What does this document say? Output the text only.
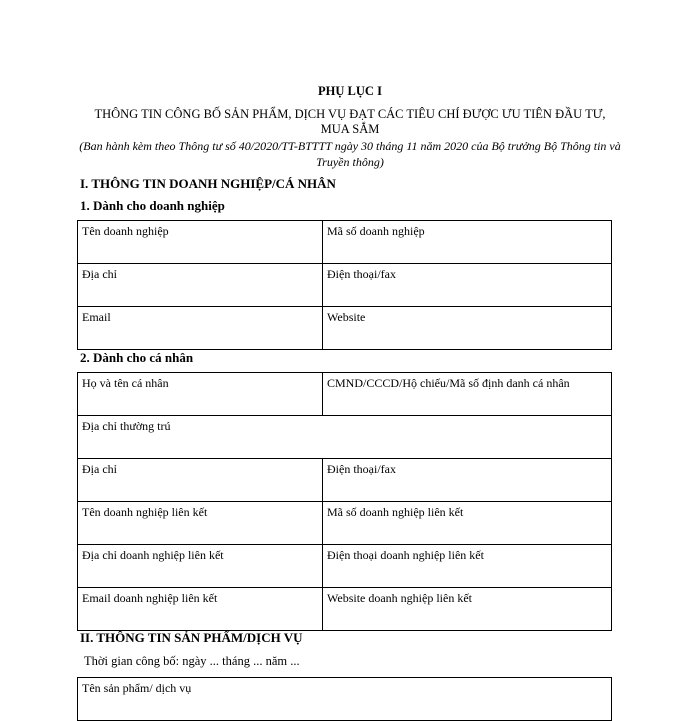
PHỤ LỤC I
THÔNG TIN CÔNG BỐ SẢN PHẨM, DỊCH VỤ ĐẠT CÁC TIÊU CHÍ ĐƯỢC ƯU TIÊN ĐẦU TƯ, MUA SẮM
(Ban hành kèm theo Thông tư số 40/2020/TT-BTTTT ngày 30 tháng 11 năm 2020 của Bộ trưởng Bộ Thông tin và Truyền thông)
I. THÔNG TIN DOANH NGHIỆP/CÁ NHÂN
1. Dành cho doanh nghiệp
Tên doanh nghiệp	Mã số doanh nghiệp
Địa chỉ	Điện thoại/fax
Email	Website
2. Dành cho cá nhân
Họ và tên cá nhân	CMND/CCCD/Hộ chiếu/Mã số định danh cá nhân
Địa chỉ thường trú	
Địa chỉ	Điện thoại/fax
Tên doanh nghiệp liên kết	Mã số doanh nghiệp liên kết
Địa chỉ doanh nghiệp liên kết	Điện thoại doanh nghiệp liên kết
Email doanh nghiệp liên kết	Website doanh nghiệp liên kết
II. THÔNG TIN SẢN PHẨM/DỊCH VỤ
Thời gian công bố: ngày ... tháng ... năm ...
Tên sản phẩm/ dịch vụ
